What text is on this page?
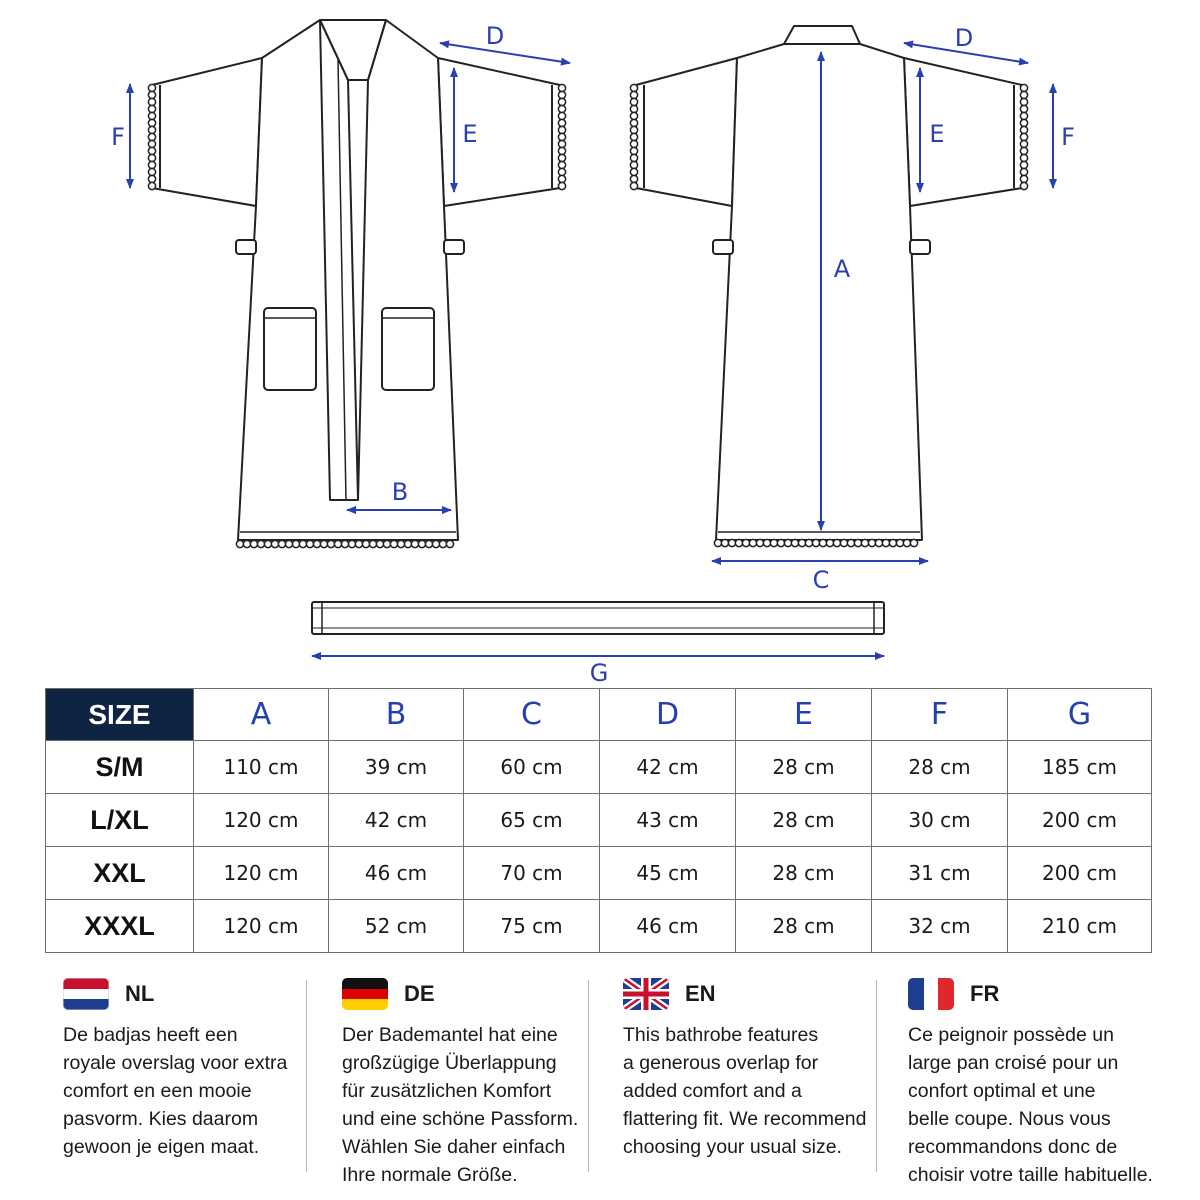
D
E
F
B
D
E	F
A
C
G
SIZE	A	B	C	D	E	F	G
S/M	110 cm	39 cm	60 cm	42 cm	28 cm	28 cm	185 cm
L/XL	120 cm	42 cm	65 cm	43 cm	28 cm	30 cm	200 cm
XXL	120 cm	46 cm	70 cm	45 cm	28 cm	31 cm	200 cm
XXXL	120 cm	52 cm	75 cm	46 cm	28 cm	32 cm	210 cm
NL
De badjas heeft een
royale overslag voor extra
comfort en een mooie
pasvorm. Kies daarom
gewoon je eigen maat.
DE
Der Bademantel hat eine
großzügige Überlappung
für zusätzlichen Komfort
und eine schöne Passform.
Wählen Sie daher einfach
Ihre normale Größe.
EN
This bathrobe features
a generous overlap for
added comfort and a
flattering fit. We recommend
choosing your usual size.
FR
Ce peignoir possède un
large pan croisé pour un
confort optimal et une
belle coupe. Nous vous
recommandons donc de
choisir votre taille habituelle.
